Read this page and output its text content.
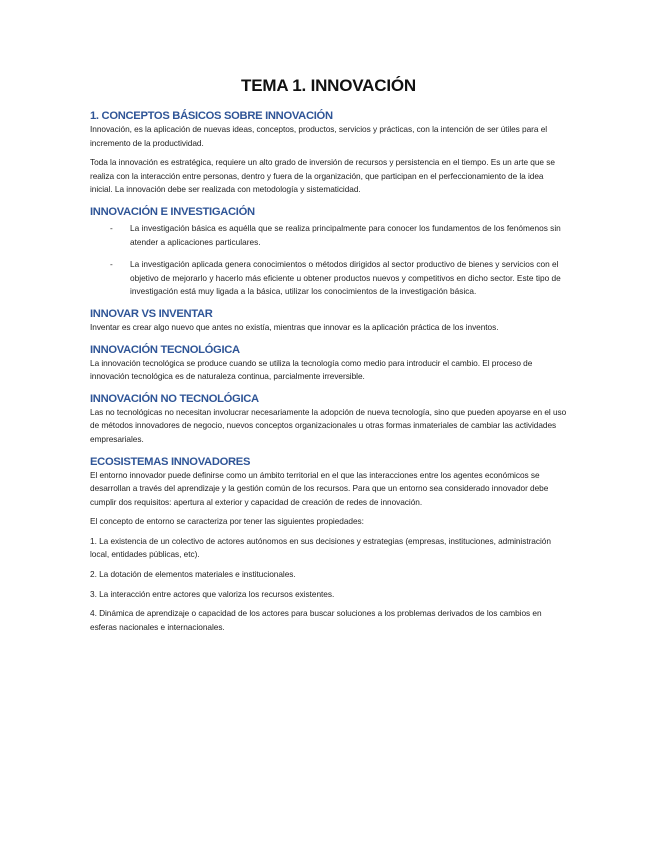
TEMA 1. INNOVACIÓN
1. CONCEPTOS BÁSICOS SOBRE INNOVACIÓN

Innovación, es la aplicación de nuevas ideas, conceptos, productos, servicios y prácticas, con la intención de ser útiles para el incremento de la productividad.

Toda la innovación es estratégica, requiere un alto grado de inversión de recursos y persistencia en el tiempo. Es un arte que se realiza con la interacción entre personas, dentro y fuera de la organización, que participan en el perfeccionamiento de la idea inicial. La innovación debe ser realizada con metodología y sistematicidad.

INNOVACIÓN E INVESTIGACIÓN
-	La investigación básica es aquélla que se realiza principalmente para conocer los fundamentos de los fenómenos sin atender a aplicaciones particulares.
-	La investigación aplicada genera conocimientos o métodos dirigidos al sector productivo de bienes y servicios con el objetivo de mejorarlo y hacerlo más eficiente u obtener productos nuevos y competitivos en dicho sector. Este tipo de investigación está muy ligada a la básica, utilizar los conocimientos de la investigación básica.
INNOVAR VS INVENTAR

Inventar es crear algo nuevo que antes no existía, mientras que innovar es la aplicación práctica de los inventos.

INNOVACIÓN TECNOLÓGICA

La innovación tecnológica se produce cuando se utiliza la tecnología como medio para introducir el cambio. El proceso de innovación tecnológica es de naturaleza continua, parcialmente irreversible.

INNOVACIÓN NO TECNOLÓGICA

Las no tecnológicas no necesitan involucrar necesariamente la adopción de nueva tecnología, sino que pueden apoyarse en el uso de métodos innovadores de negocio, nuevos conceptos organizacionales u otras formas inmateriales de cambiar las actividades empresariales.

ECOSISTEMAS INNOVADORES

El entorno innovador puede definirse como un ámbito territorial en el que las interacciones entre los agentes económicos se desarrollan a través del aprendizaje y la gestión común de los recursos. Para que un entorno sea considerado innovador debe cumplir dos requisitos: apertura al exterior y capacidad de creación de redes de innovación.

El concepto de entorno se caracteriza por tener las siguientes propiedades:

1. La existencia de un colectivo de actores autónomos en sus decisiones y estrategias (empresas, instituciones, administración local, entidades públicas, etc).

2. La dotación de elementos materiales e institucionales.

3. La interacción entre actores que valoriza los recursos existentes.

4. Dinámica de aprendizaje o capacidad de los actores para buscar soluciones a los problemas derivados de los cambios en esferas nacionales e internacionales.
